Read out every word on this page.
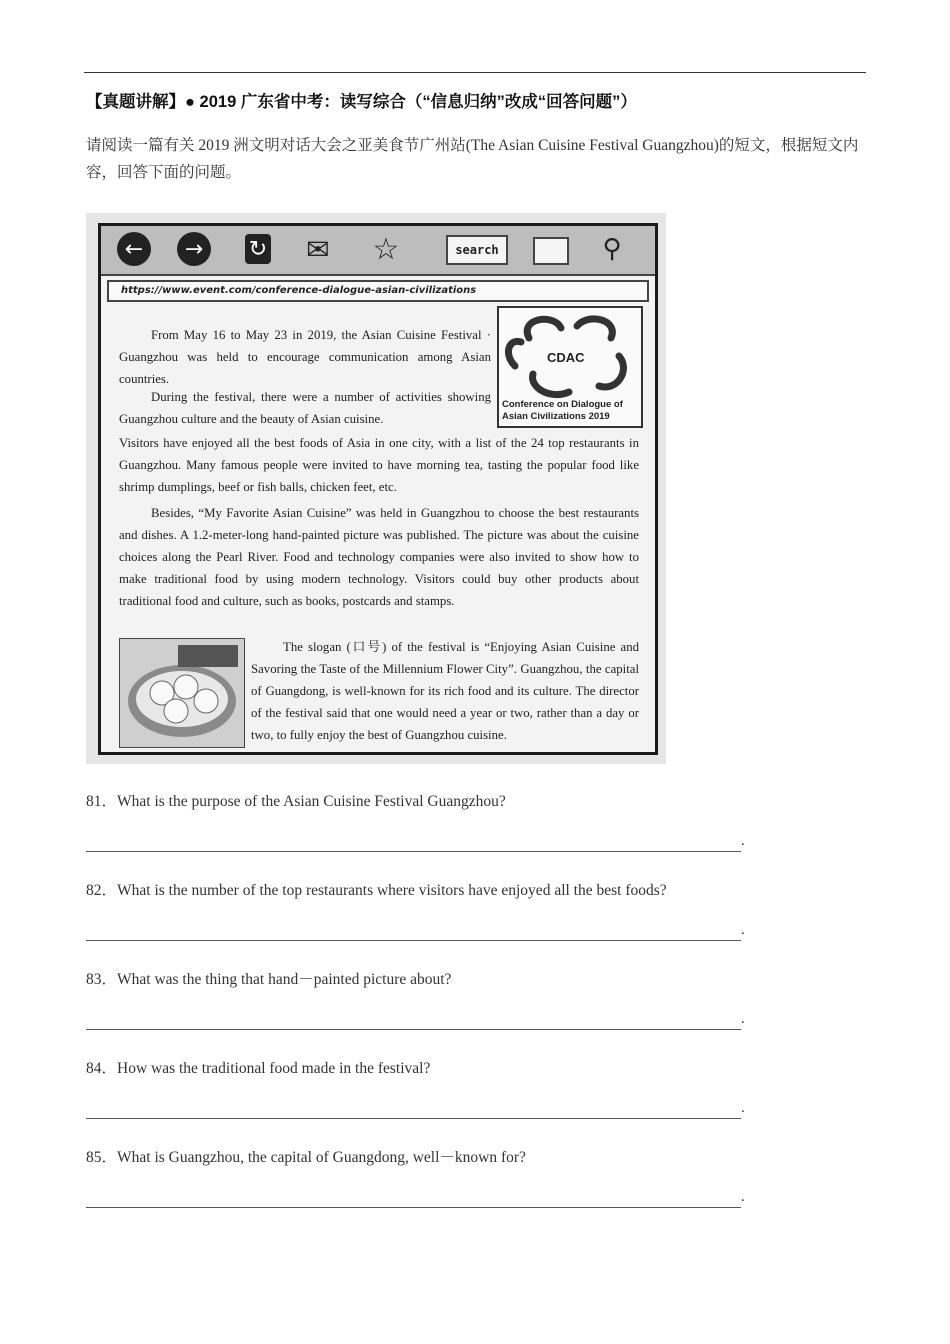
【真题讲解】● 2019 广东省中考：读写综合（“信息归纳”改成“回答问题”）
请阅读一篇有关 2019 洲文明对话大会之亚美食节广州站(The Asian Cuisine Festival Guangzhou)的短文，根据短文内容，回答下面的问题。
←	→	↻ ✉ ☆	search	⚲
https://www.event.com/conference-dialogue-asian-civilizations
CDAC
Conference on Dialogue of Asian Civilizations 2019
From May 16 to May 23 in 2019, the Asian Cuisine Festival · Guangzhou was held to encourage communication among Asian countries.
During the festival, there were a number of activities showing Guangzhou culture and the beauty of Asian cuisine.
Visitors have enjoyed all the best foods of Asia in one city, with a list of the 24 top restaurants in Guangzhou. Many famous people were invited to have morning tea, tasting the popular food like shrimp dumplings, beef or fish balls, chicken feet, etc.
Besides, “My Favorite Asian Cuisine” was held in Guangzhou to choose the best restaurants and dishes. A 1.2-meter-long hand-painted picture was published. The picture was about the cuisine choices along the Pearl River. Food and technology companies were also invited to show how to make traditional food by using modern technology. Visitors could buy other products about traditional food and culture, such as books, postcards and stamps.
The slogan (口号) of the festival is “Enjoying Asian Cuisine and Savoring the Taste of the Millennium Flower City”. Guangzhou, the capital of Guangdong, is well-known for its rich food and its culture. The director of the festival said that one would need a year or two, rather than a day or two, to fully enjoy the best of Guangzhou cuisine.
81．What is the purpose of the Asian Cuisine Festival Guangzhou?
.
82．What is the number of the top restaurants where visitors have enjoyed all the best foods?
.
83．What was the thing that hand－painted picture about?
.
84．How was the traditional food made in the festival?
.
85．What is Guangzhou, the capital of Guangdong, well－known for?
.
